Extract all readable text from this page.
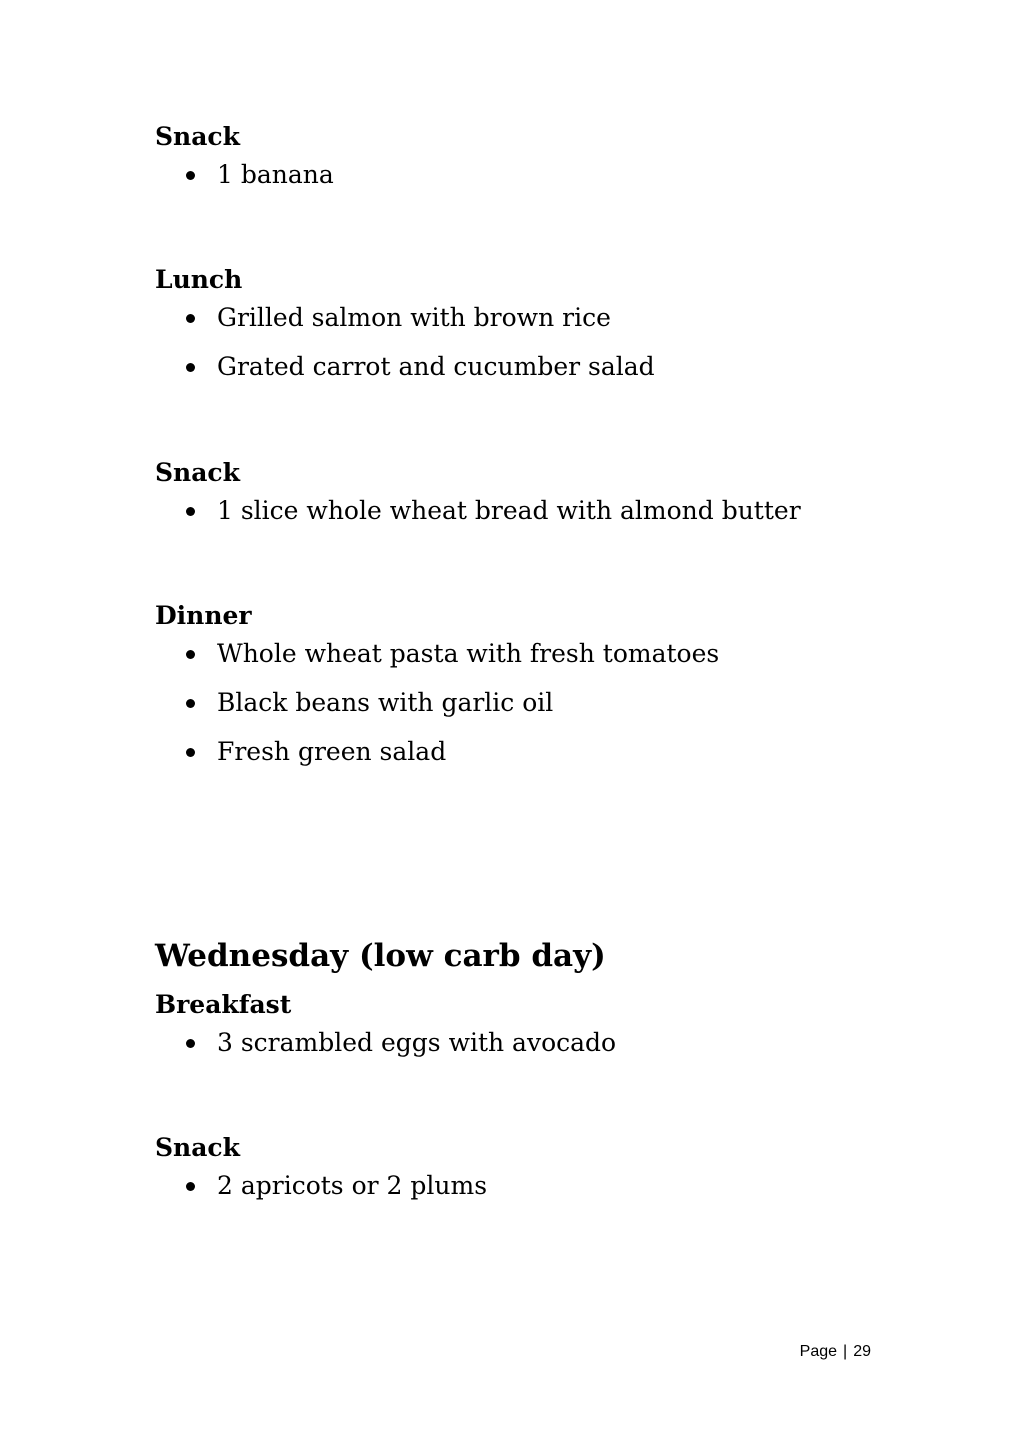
Snack
1 banana
Lunch
Grilled salmon with brown rice
Grated carrot and cucumber salad
Snack
1 slice whole wheat bread with almond butter
Dinner
Whole wheat pasta with fresh tomatoes
Black beans with garlic oil
Fresh green salad
Wednesday (low carb day)
Breakfast
3 scrambled eggs with avocado
Snack
2 apricots or 2 plums
Page | 29
